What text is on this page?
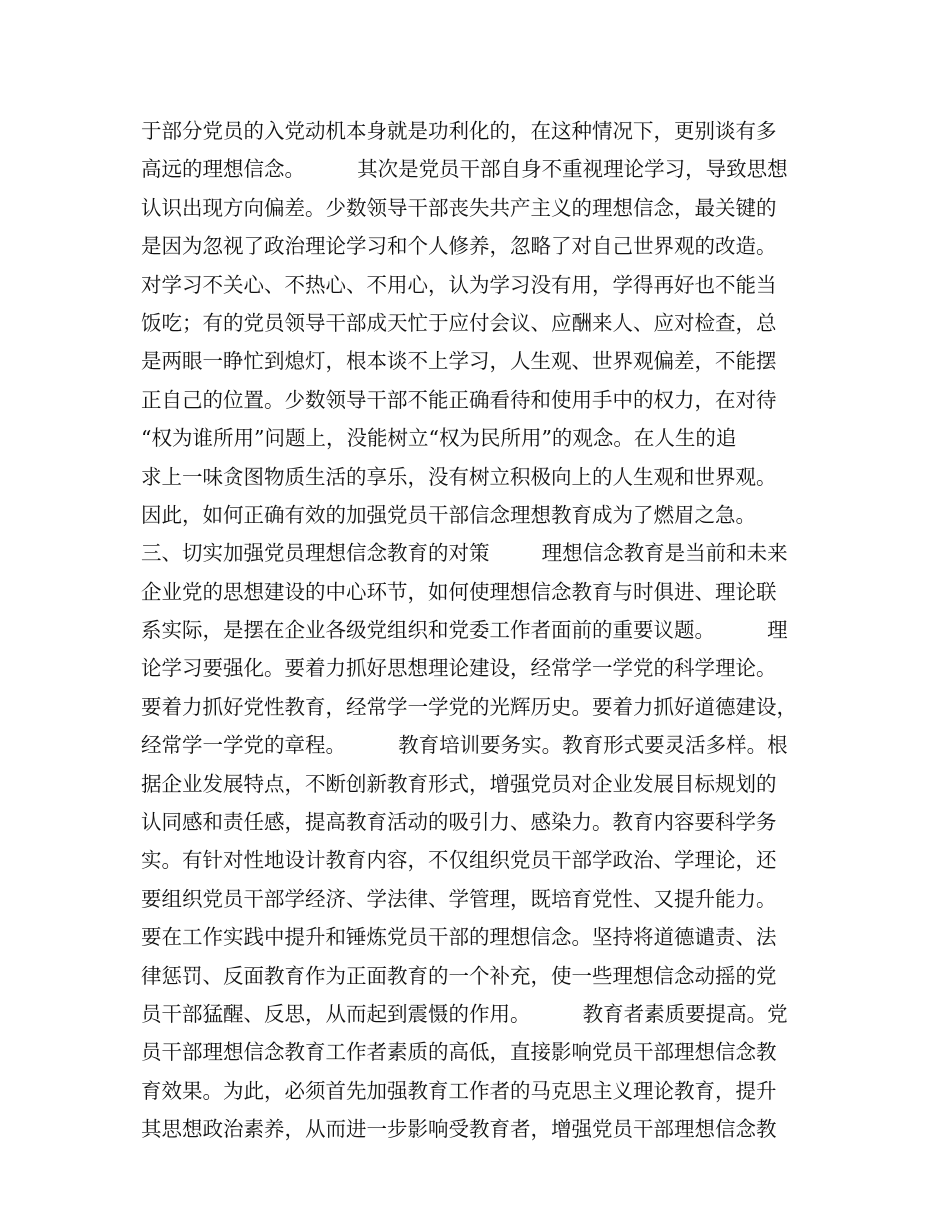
于部分党员的入党动机本身就是功利化的，在这种情况下，更别谈有多
高远的理想信念。        其次是党员干部自身不重视理论学习，导致思想
认识出现方向偏差。少数领导干部丧失共产主义的理想信念，最关键的
是因为忽视了政治理论学习和个人修养，忽略了对自己世界观的改造。
对学习不关心、不热心、不用心，认为学习没有用，学得再好也不能当
饭吃；有的党员领导干部成天忙于应付会议、应酬来人、应对检查，总
是两眼一睁忙到熄灯，根本谈不上学习，人生观、世界观偏差，不能摆
正自己的位置。少数领导干部不能正确看待和使用手中的权力，在对待
“权为谁所用”问题上，没能树立“权为民所用”的观念。在人生的追
求上一味贪图物质生活的享乐，没有树立积极向上的人生观和世界观。
因此，如何正确有效的加强党员干部信念理想教育成为了燃眉之急。
三、切实加强党员理想信念教育的对策        理想信念教育是当前和未来
企业党的思想建设的中心环节，如何使理想信念教育与时俱进、理论联
系实际，是摆在企业各级党组织和党委工作者面前的重要议题。        理
论学习要强化。要着力抓好思想理论建设，经常学一学党的科学理论。
要着力抓好党性教育，经常学一学党的光辉历史。要着力抓好道德建设，
经常学一学党的章程。        教育培训要务实。教育形式要灵活多样。根
据企业发展特点，不断创新教育形式，增强党员对企业发展目标规划的
认同感和责任感，提高教育活动的吸引力、感染力。教育内容要科学务
实。有针对性地设计教育内容，不仅组织党员干部学政治、学理论，还
要组织党员干部学经济、学法律、学管理，既培育党性、又提升能力。
要在工作实践中提升和锤炼党员干部的理想信念。坚持将道德谴责、法
律惩罚、反面教育作为正面教育的一个补充，使一些理想信念动摇的党
员干部猛醒、反思，从而起到震慑的作用。        教育者素质要提高。党
员干部理想信念教育工作者素质的高低，直接影响党员干部理想信念教
育效果。为此，必须首先加强教育工作者的马克思主义理论教育，提升
其思想政治素养，从而进一步影响受教育者，增强党员干部理想信念教
